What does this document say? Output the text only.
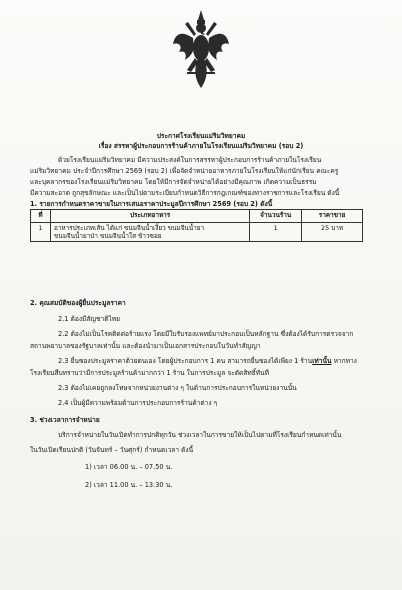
ประกาศโรงเรียนแม่ริมวิทยาคม
เรื่อง สรรหาผู้ประกอบการร้านค้าภายในโรงเรียนแม่ริมวิทยาคม (รอบ 2)
ด้วยโรงเรียนแม่ริมวิทยาคม มีความประสงค์ในการสรรหาผู้ประกอบการร้านค้าภายในโรงเรียน
แม่ริมวิทยาคม ประจำปีการศึกษา 2569 (รอบ 2) เพื่อจัดจำหน่ายอาหารภายในโรงเรียนให้แก่นักเรียน คณะครู
และบุคลากรของโรงเรียนแม่ริมวิทยาคม โดยให้มีการจัดจำหน่ายได้อย่างมีคุณภาพ เกิดความเป็นธรรม
มีความสะอาด ถูกสุขลักษณะ และเป็นไปตามระเบียบกำหนดวิธีการกฎเกณฑ์ของทางราชการและโรงเรียน ดังนี้
1. รายการกำหนดราคาขายในการเสนอราคาประมูลปีการศึกษา 2569 (รอบ 2) ดังนี้
ที่	ประเภทอาหาร	จำนวนร้าน	ราคาขาย
1	อาหารประเภทเส้น ได้แก่ ขนมจีนน้ำเงี้ยว ขนมจีนน้ำยา
ขนมจีนน้ำยาป่า ขนมจีนน้ำใส ข้าวซอย	1	25 บาท
2. คุณสมบัติของผู้ยื่นประมูลราคา
2.1 ต้องมีสัญชาติไทย
2.2 ต้องไม่เป็นโรคติดต่อร้ายแรง โดยมีใบรับรองแพทย์มาประกอบเป็นหลักฐาน ซึ่งต้องได้รับการตรวจจาก
สถานพยาบาลของรัฐบาลเท่านั้น และต้องนำมาเป็นเอกสารประกอบในวันทำสัญญา
2.3 ยื่นซองประมูลราคาด้วยตนเอง โดยผู้ประกอบการ 1 คน สามารถยื่นซองได้เพียง 1 ร้านเท่านั้น หากทาง
โรงเรียนสืบทราบว่ามีการประมูลร้านค้ามากกว่า 1 ร้าน ในการประมูล จะตัดสิทธิ์ทันที
2.3 ต้องไม่เคยถูกลงโทษจากหน่วยงานต่าง ๆ ในด้านการประกอบการในหน่วยงานนั้น
2.4 เป็นผู้มีความพร้อมด้านการประกอบการร้านค้าต่าง ๆ
3. ช่วงเวลาการจำหน่าย
บริการจำหน่ายในวันเปิดทำการปกติทุกวัน ช่วงเวลาในการขายให้เป็นไปตามที่โรงเรียนกำหนดเท่านั้น
ในวันเปิดเรียนปกติ (วันจันทร์ – วันศุกร์) กำหนดเวลา ดังนี้
1) เวลา 06.00 น. – 07.50 น.
2) เวลา 11.00 น. – 13.30 น.
